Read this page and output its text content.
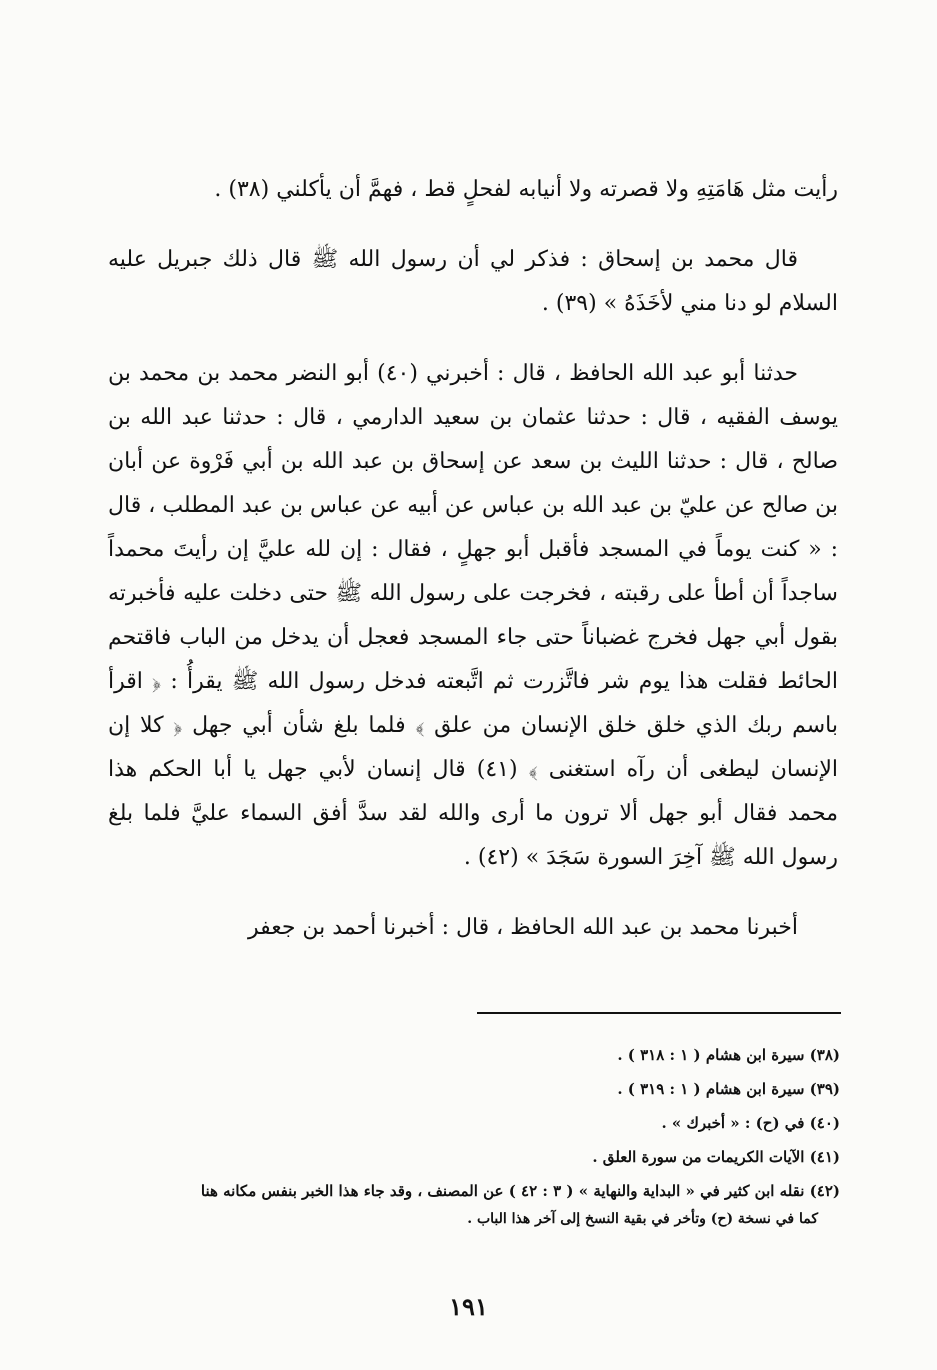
رأيت مثل هَامَتِهِ ولا قصرته ولا أنيابه لفحلٍ قط ، فهمَّ أن يأكلني (٣٨) .

قال محمد بن إسحاق : فذكر لي أن رسول الله ﷺ قال ذلك جبريل عليه السلام لو دنا مني لأخَذَهُ » (٣٩) .

حدثنا أبو عبد الله الحافظ ، قال : أخبرني (٤٠) أبو النضر محمد بن محمد بن يوسف الفقيه ، قال : حدثنا عثمان بن سعيد الدارمي ، قال : حدثنا عبد الله بن صالح ، قال : حدثنا الليث بن سعد عن إسحاق بن عبد الله بن أبي فَرْوة عن أبان بن صالح عن عليّ بن عبد الله بن عباس عن أبيه عن عباس بن عبد المطلب ، قال : « كنت يوماً في المسجد فأقبل أبو جهلٍ ، فقال : إن لله عليَّ إن رأيتَ محمداً ساجداً أن أطأ على رقبته ، فخرجت على رسول الله ﷺ حتى دخلت عليه فأخبرته بقول أبي جهل فخرج غضباناً حتى جاء المسجد فعجل أن يدخل من الباب فاقتحم الحائط فقلت هذا يوم شر فاتَّزرت ثم اتَّبعته فدخل رسول الله ﷺ يقرأُ : ﴿ اقرأ باسم ربك الذي خلق خلق الإنسان من علق ﴾ فلما بلغ شأن أبي جهل ﴿ كلا إن الإنسان ليطغى أن رآه استغنى ﴾ (٤١) قال إنسان لأبي جهل يا أبا الحكم هذا محمد فقال أبو جهل ألا ترون ما أرى والله لقد سدَّ أفق السماء عليَّ فلما بلغ رسول الله ﷺ آخِرَ السورة سَجَدَ » (٤٢) .

أخبرنا محمد بن عبد الله الحافظ ، قال : أخبرنا أحمد بن جعفر

(٣٨) سيرة ابن هشام ( ١ : ٣١٨ ) .

(٣٩) سيرة ابن هشام ( ١ : ٣١٩ ) .

(٤٠) في (ح) : « أخبرك » .

(٤١) الآيات الكريمات من سورة العلق .

(٤٢) نقله ابن كثير في « البداية والنهاية » ( ٣ : ٤٢ ) عن المصنف ، وقد جاء هذا الخبر بنفس مكانه هنا

كما في نسخة (ح) وتأخر في بقية النسخ إلى آخر هذا الباب .

١٩١
